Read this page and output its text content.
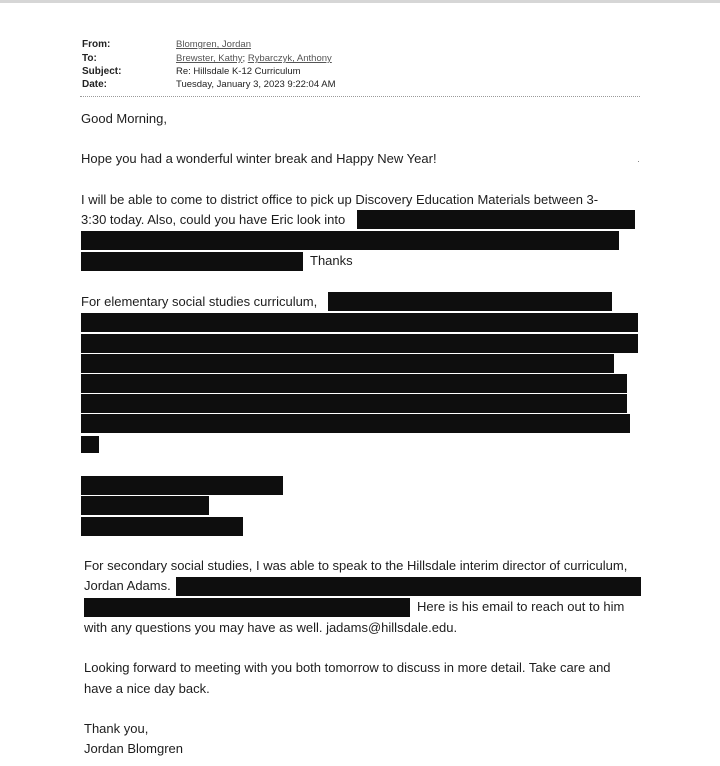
From:
To:
Subject:
Date:
Blomgren, Jordan
Brewster, Kathy; Rybarczyk, Anthony
Re: Hillsdale K-12 Curriculum
Tuesday, January 3, 2023 9:22:04 AM
Good Morning,
Hope you had a wonderful winter break and Happy New Year!
I will be able to come to district office to pick up Discovery Education Materials between 3-
3:30 today. Also, could you have Eric look into
Thanks
For elementary social studies curriculum,
For secondary social studies, I was able to speak to the Hillsdale interim director of curriculum,
Jordan Adams.
Here is his email to reach out to him
with any questions you may have as well. jadams@hillsdale.edu.
Looking forward to meeting with you both tomorrow to discuss in more detail. Take care and
have a nice day back.
Thank you,
Jordan Blomgren
